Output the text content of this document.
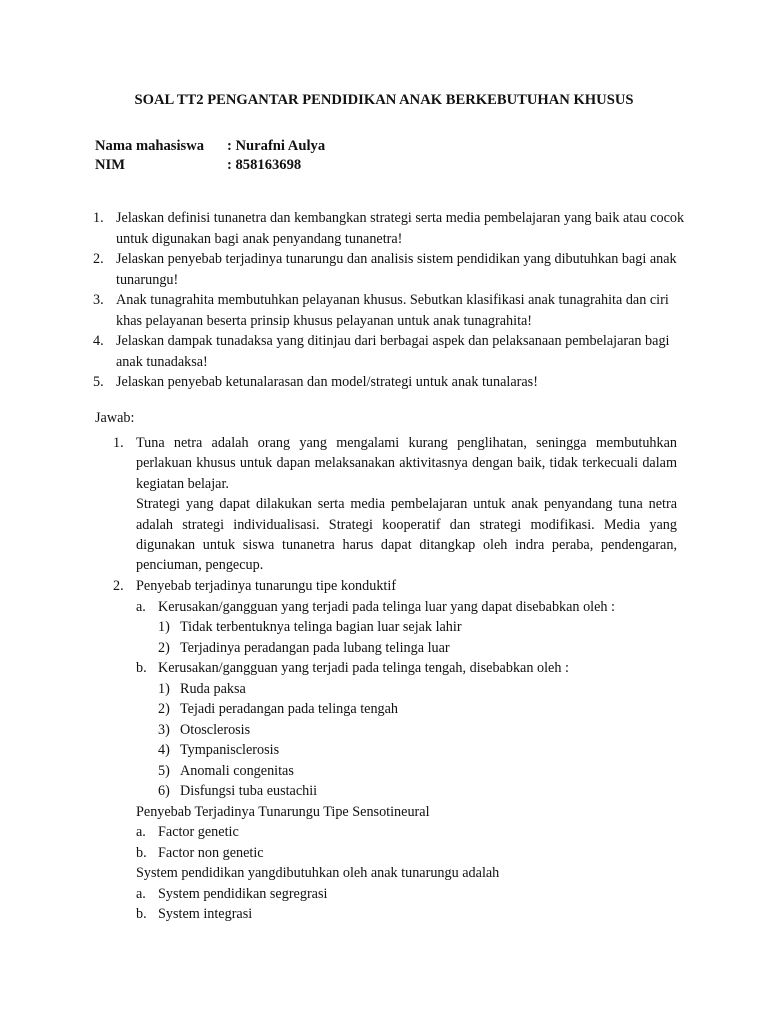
SOAL TT2 PENGANTAR PENDIDIKAN ANAK BERKEBUTUHAN KHUSUS
Nama mahasiswa : Nurafni Aulya
NIM	: 858163698
1. Jelaskan definisi tunanetra dan kembangkan strategi serta media pembelajaran yang baik atau cocok untuk digunakan bagi anak penyandang tunanetra!
2. Jelaskan penyebab terjadinya tunarungu dan analisis sistem pendidikan yang dibutuhkan bagi anak tunarungu!
3. Anak tunagrahita membutuhkan pelayanan khusus. Sebutkan klasifikasi anak tunagrahita dan ciri khas pelayanan beserta prinsip khusus pelayanan untuk anak tunagrahita!
4. Jelaskan dampak tunadaksa yang ditinjau dari berbagai aspek dan pelaksanaan pembelajaran bagi anak tunadaksa!
5. Jelaskan penyebab ketunalarasan dan model/strategi untuk anak tunalaras!
Jawab:
1. Tuna netra adalah orang yang mengalami kurang penglihatan, seningga membutuhkan perlakuan khusus untuk dapan melaksanakan aktivitasnya dengan baik, tidak terkecuali dalam kegiatan belajar.
Strategi yang dapat dilakukan serta media pembelajaran untuk anak penyandang tuna netra adalah strategi individualisasi. Strategi kooperatif dan strategi modifikasi. Media yang digunakan untuk siswa tunanetra harus dapat ditangkap oleh indra peraba, pendengaran, penciuman, pengecup.
2. Penyebab terjadinya tunarungu tipe konduktif
a. Kerusakan/gangguan yang terjadi pada telinga luar yang dapat disebabkan oleh :
1) Tidak terbentuknya telinga bagian luar sejak lahir
2) Terjadinya peradangan pada lubang telinga luar
b. Kerusakan/gangguan yang terjadi pada telinga tengah, disebabkan oleh :
1) Ruda paksa
2) Tejadi peradangan pada telinga tengah
3) Otosclerosis
4) Tympanisclerosis
5) Anomali congenitas
6) Disfungsi tuba eustachii
Penyebab Terjadinya Tunarungu Tipe Sensotineural
a. Factor genetic
b. Factor non genetic
System pendidikan yangdibutuhkan oleh anak tunarungu adalah
a. System pendidikan segregrasi
b. System integrasi
